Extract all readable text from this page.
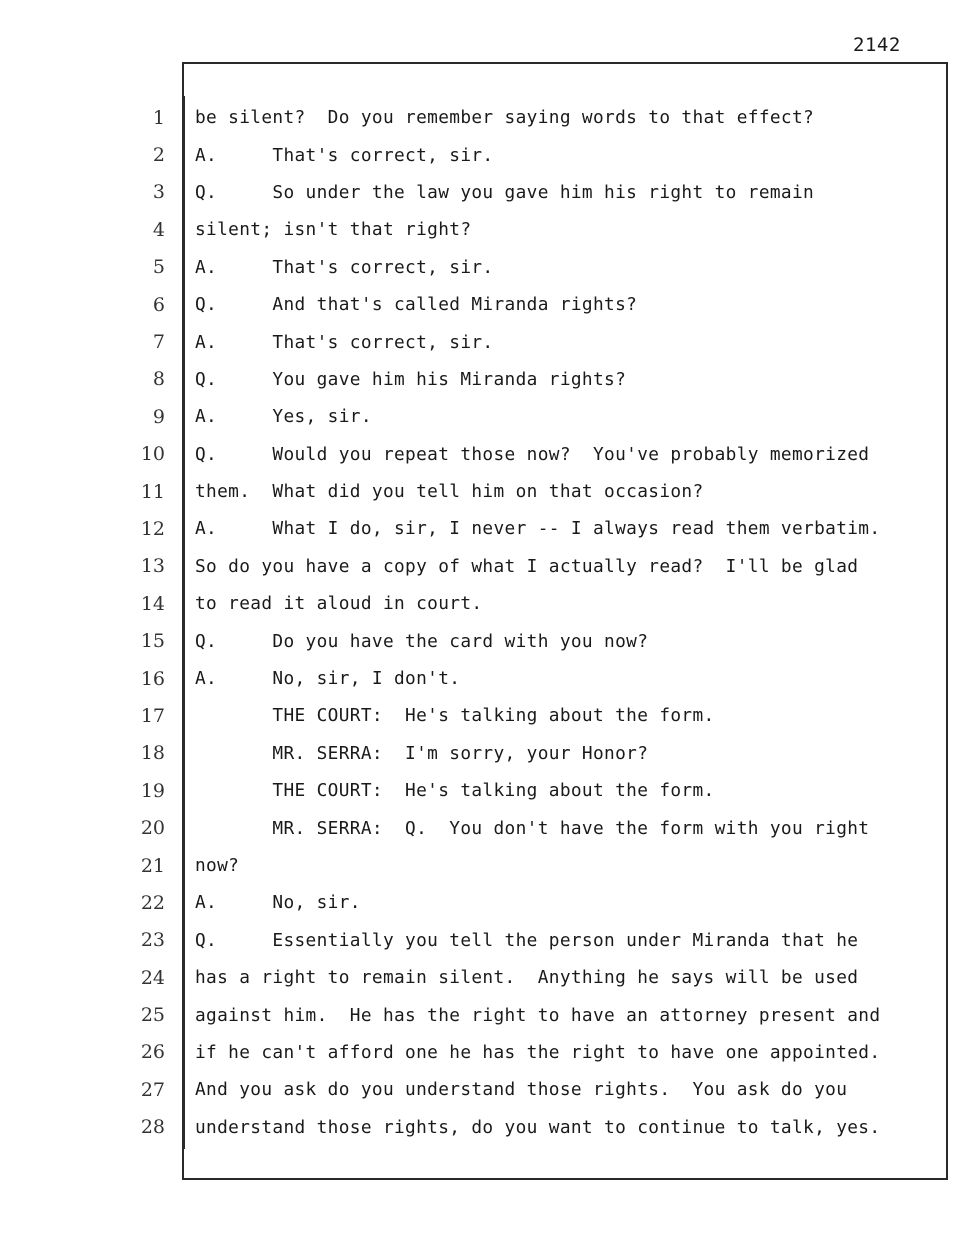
2142
1 be silent?  Do you remember saying words to that effect?
2 A.     That's correct, sir.
3 Q.     So under the law you gave him his right to remain
4 silent; isn't that right?
5 A.     That's correct, sir.
6 Q.     And that's called Miranda rights?
7 A.     That's correct, sir.
8 Q.     You gave him his Miranda rights?
9 A.     Yes, sir.
10 Q.     Would you repeat those now?  You've probably memorized
11 them.  What did you tell him on that occasion?
12 A.     What I do, sir, I never -- I always read them verbatim.
13 So do you have a copy of what I actually read?  I'll be glad
14 to read it aloud in court.
15 Q.     Do you have the card with you now?
16 A.     No, sir, I don't.
17 THE COURT:  He's talking about the form.
18 MR. SERRA:  I'm sorry, your Honor?
19 THE COURT:  He's talking about the form.
20 MR. SERRA:  Q.  You don't have the form with you right
21 now?
22 A.     No, sir.
23 Q.     Essentially you tell the person under Miranda that he
24 has a right to remain silent.  Anything he says will be used
25 against him.  He has the right to have an attorney present and
26 if he can't afford one he has the right to have one appointed.
27 And you ask do you understand those rights.  You ask do you
28 understand those rights, do you want to continue to talk, yes.
